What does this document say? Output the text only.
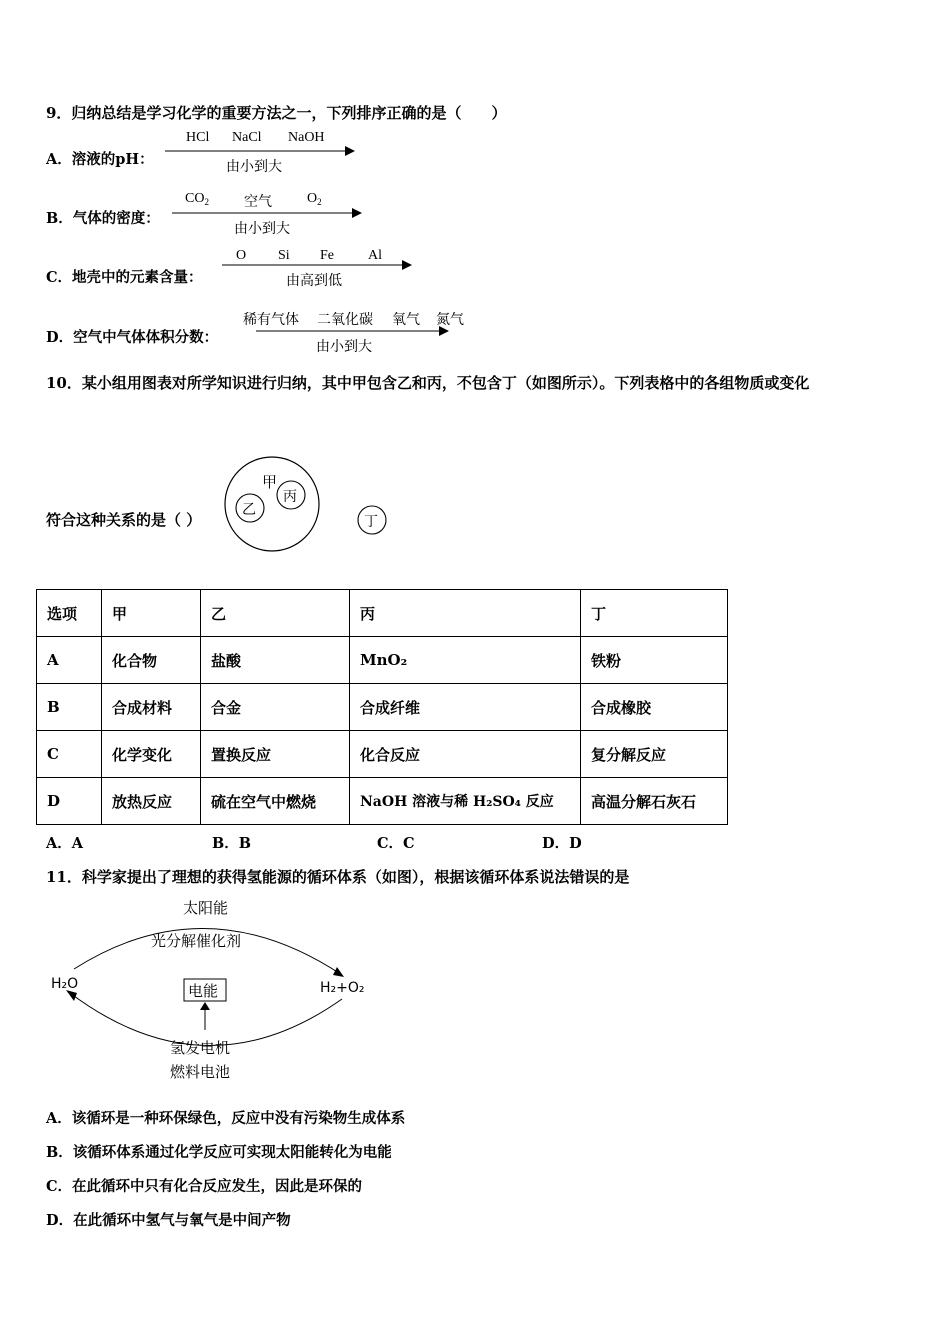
9．归纳总结是学习化学的重要方法之一，下列排序正确的是（　　）
A．溶液的pH：
HCl NaCl NaOH
由小到大
B．气体的密度：
$CO_2$	空气	$O_2$
由小到大
C．地壳中的元素含量：
O Si Fe Al
由高到低
D．空气中气体体积分数：
稀有气体 二氧化碳 氧气 氮气
由小到大
10．某小组用图表对所学知识进行归纳，其中甲包含乙和丙，不包含丁（如图所示）。下列表格中的各组物质或变化
符合这种关系的是（ ）
甲
丙
乙
丁
选项	甲	乙	丙	丁
A	化合物	盐酸	MnO₂	铁粉
B	合成材料	合金	合成纤维	合成橡胶
C	化学变化	置换反应	化合反应	复分解反应
D	放热反应	硫在空气中燃烧	NaOH 溶液与稀 H₂SO₄ 反应	高温分解石灰石
A．A	B．B	C．C	D．D
11．科学家提出了理想的获得氢能源的循环体系（如图），根据该循环体系说法错误的是
太阳能
光分解催化剂
H₂O	H₂+O₂
电能
氢发电机
燃料电池
A．该循环是一种环保绿色，反应中没有污染物生成体系
B．该循环体系通过化学反应可实现太阳能转化为电能
C．在此循环中只有化合反应发生，因此是环保的
D．在此循环中氢气与氧气是中间产物
